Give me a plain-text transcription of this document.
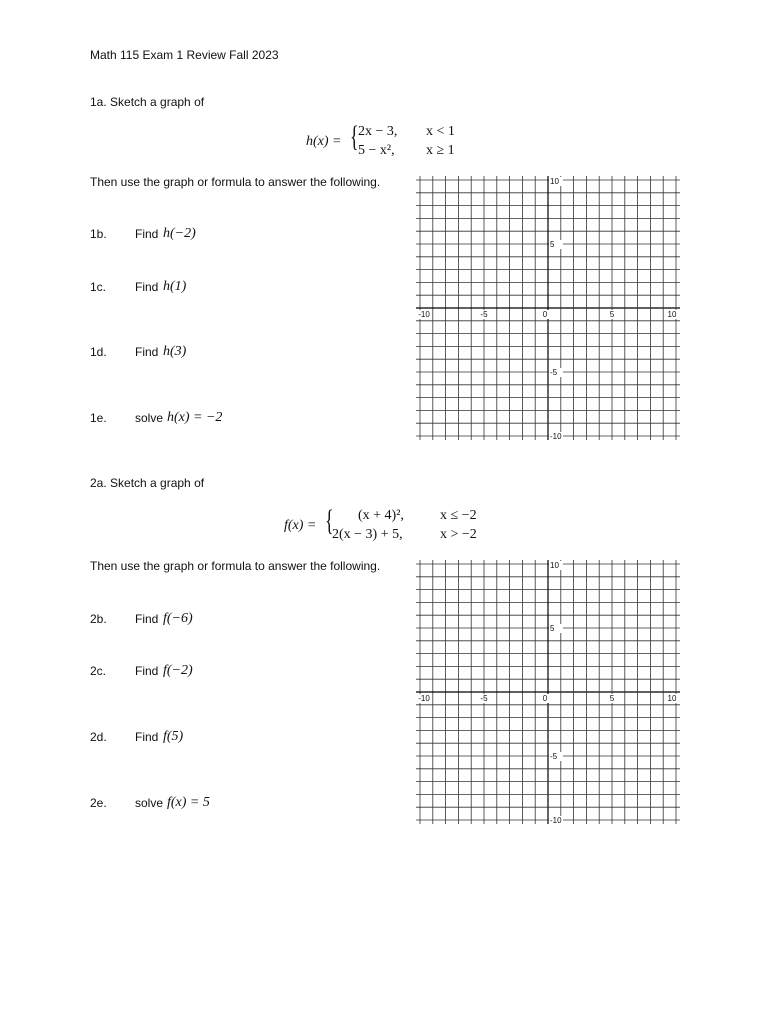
Math 115 Exam 1 Review Fall 2023
1a. Sketch a graph of
h(x) = { 2x − 3, x < 1
5 − x², x ≥ 1
Then use the graph or formula to answer the following.
1b. Find h(−2)
1c. Find h(1)
1d. Find h(3)
1e. solve h(x) = −2
-10	-5	0	5	10
10
5
-5
-10
2a. Sketch a graph of
f(x) = { (x + 4)²,	x ≤ −2
2(x − 3) + 5,	x > −2
Then use the graph or formula to answer the following.
2b. Find f(−6)
2c. Find f(−2)
2d. Find f(5)
2e. solve f(x) = 5
-10	-5	0	5	10
10
5
-5
-10
